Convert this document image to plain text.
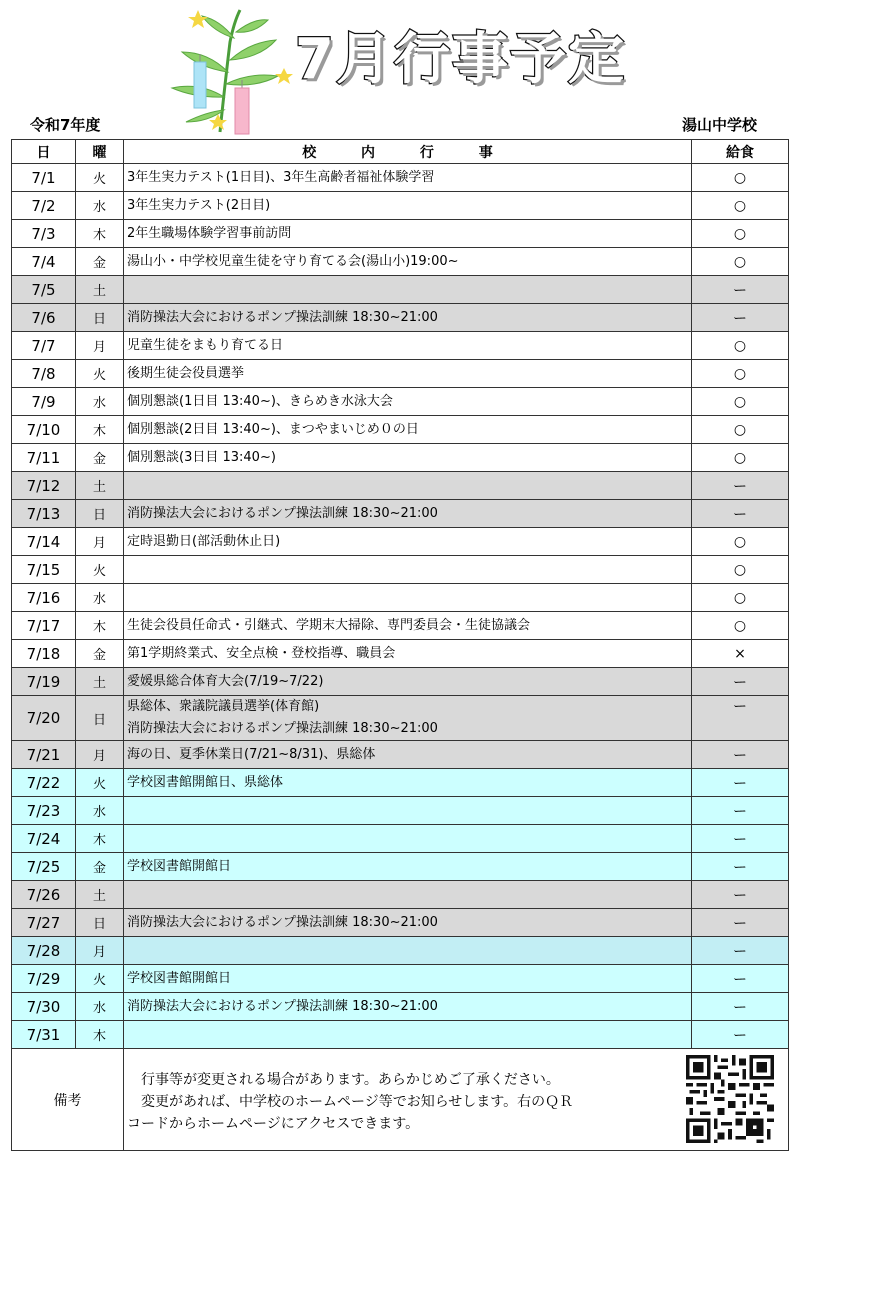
7月行事予定
令和7年度	湯山中学校
日	曜	校 内 行 事	給食
7/1	火	3年生実力テスト(1日目)、3年生高齢者福祉体験学習	○
7/2	水	3年生実力テスト(2日目)	○
7/3	木	2年生職場体験学習事前訪問	○
7/4	金	湯山小・中学校児童生徒を守り育てる会(湯山小)19:00~	○
7/5	土		ー
7/6	日	消防操法大会におけるポンプ操法訓練 18:30~21:00	ー
7/7	月	児童生徒をまもり育てる日	○
7/8	火	後期生徒会役員選挙	○
7/9	水	個別懇談(1日目 13:40~)、きらめき水泳大会	○
7/10	木	個別懇談(2日目 13:40~)、まつやまいじめ０の日	○
7/11	金	個別懇談(3日目 13:40~)	○
7/12	土		ー
7/13	日	消防操法大会におけるポンプ操法訓練 18:30~21:00	ー
7/14	月	定時退勤日(部活動休止日)	○
7/15	火		○
7/16	水		○
7/17	木	生徒会役員任命式・引継式、学期末大掃除、専門委員会・生徒協議会	○
7/18	金	第1学期終業式、安全点検・登校指導、職員会	×
7/19	土	愛媛県総合体育大会(7/19~7/22)	ー
7/20	日	県総体、衆議院議員選挙(体育館)
消防操法大会におけるポンプ操法訓練 18:30~21:00	ー
7/21	月	海の日、夏季休業日(7/21~8/31)、県総体	ー
7/22	火	学校図書館開館日、県総体	ー
7/23	水		ー
7/24	木		ー
7/25	金	学校図書館開館日	ー
7/26	土		ー
7/27	日	消防操法大会におけるポンプ操法訓練 18:30~21:00	ー
7/28	月		ー
7/29	火	学校図書館開館日	ー
7/30	水	消防操法大会におけるポンプ操法訓練 18:30~21:00	ー
7/31	木		ー
備考		　行事等が変更される場合があります。あらかじめご了承ください。
　変更があれば、中学校のホームページ等でお知らせします。右のＱＲ
コードからホームページにアクセスできます。	
